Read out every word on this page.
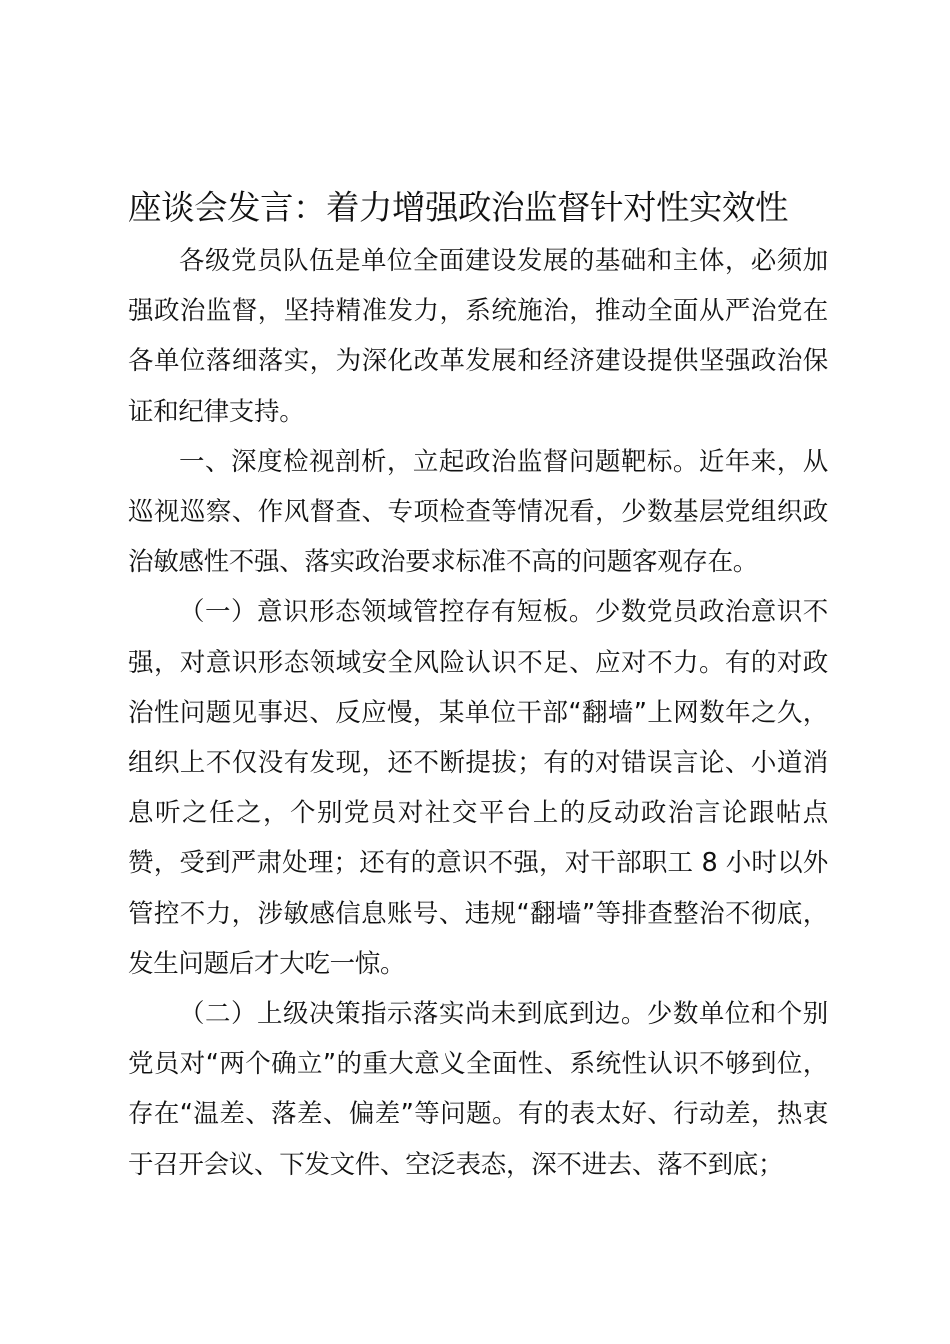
座谈会发言：着力增强政治监督针对性实效性

各级党员队伍是单位全面建设发展的基础和主体，必须加强政治监督，坚持精准发力，系统施治，推动全面从严治党在各单位落细落实，为深化改革发展和经济建设提供坚强政治保证和纪律支持。

一、深度检视剖析，立起政治监督问题靶标。近年来，从巡视巡察、作风督查、专项检查等情况看，少数基层党组织政治敏感性不强、落实政治要求标准不高的问题客观存在。

（一）意识形态领域管控存有短板。少数党员政治意识不强，对意识形态领域安全风险认识不足、应对不力。有的对政治性问题见事迟、反应慢，某单位干部“翻墙”上网数年之久，组织上不仅没有发现，还不断提拔；有的对错误言论、小道消息听之任之，个别党员对社交平台上的反动政治言论跟帖点赞，受到严肃处理；还有的意识不强，对干部职工 8 小时以外管控不力，涉敏感信息账号、违规“翻墙”等排查整治不彻底，发生问题后才大吃一惊。

（二）上级决策指示落实尚未到底到边。少数单位和个别党员对“两个确立”的重大意义全面性、系统性认识不够到位，存在“温差、落差、偏差”等问题。有的表太好、行动差，热衷于召开会议、下发文件、空泛表态，深不进去、落不到底；
